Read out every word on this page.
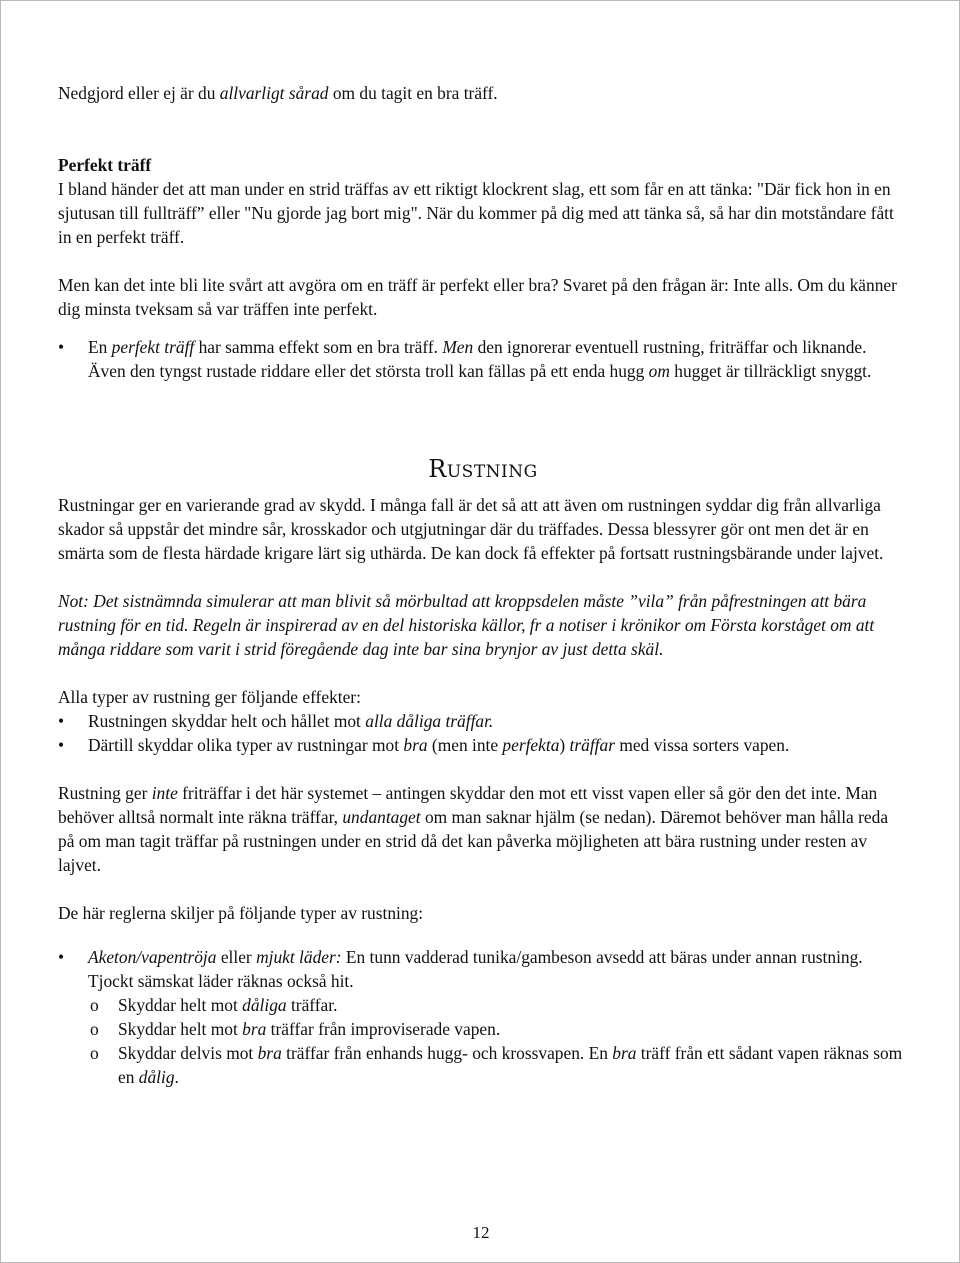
Nedgjord eller ej är du allvarligt sårad om du tagit en bra träff.

Perfekt träff

I bland händer det att man under en strid träffas av ett riktigt klockrent slag, ett som får en att tänka: "Där fick hon in en sjutusan till fullträff” eller "Nu gjorde jag bort mig". När du kommer på dig med att tänka så, så har din motståndare fått in en perfekt träff.

Men kan det inte bli lite svårt att avgöra om en träff är perfekt eller bra? Svaret på den frågan är: Inte alls. Om du känner dig minsta tveksam så var träffen inte perfekt.

• En perfekt träff har samma effekt som en bra träff. Men den ignorerar eventuell rustning, friträffar och liknande. Även den tyngst rustade riddare eller det största troll kan fällas på ett enda hugg om hugget är tillräckligt snyggt.
Rustning

Rustningar ger en varierande grad av skydd. I många fall är det så att att även om rustningen syddar dig från allvarliga skador så uppstår det mindre sår, krosskador och utgjutningar där du träffades. Dessa blessyrer gör ont men det är en smärta som de flesta härdade krigare lärt sig uthärda. De kan dock få effekter på fortsatt rustningsbärande under lajvet.

Not: Det sistnämnda simulerar att man blivit så mörbultad att kroppsdelen måste ”vila” från påfrestningen att bära rustning för en tid. Regeln är inspirerad av en del historiska källor, fr a notiser i krönikor om Första korståget om att många riddare som varit i strid föregående dag inte bar sina brynjor av just detta skäl.

Alla typer av rustning ger följande effekter:

• Rustningen skyddar helt och hållet mot alla dåliga träffar.
• Därtill skyddar olika typer av rustningar mot bra (men inte perfekta) träffar med vissa sorters vapen.

Rustning ger inte friträffar i det här systemet – antingen skyddar den mot ett visst vapen eller så gör den det inte. Man behöver alltså normalt inte räkna träffar, undantaget om man saknar hjälm (se nedan). Däremot behöver man hålla reda på om man tagit träffar på rustningen under en strid då det kan påverka möjligheten att bära rustning under resten av lajvet.

De här reglerna skiljer på följande typer av rustning:

• Aketon/vapentröja eller mjukt läder: En tunn vadderad tunika/gambeson avsedd att bäras under annan rustning. Tjockt sämskat läder räknas också hit.
o Skyddar helt mot dåliga träffar.
o Skyddar helt mot bra träffar från improviserade vapen.
o Skyddar delvis mot bra träffar från enhands hugg- och krossvapen. En bra träff från ett sådant vapen räknas som en dålig.
12
